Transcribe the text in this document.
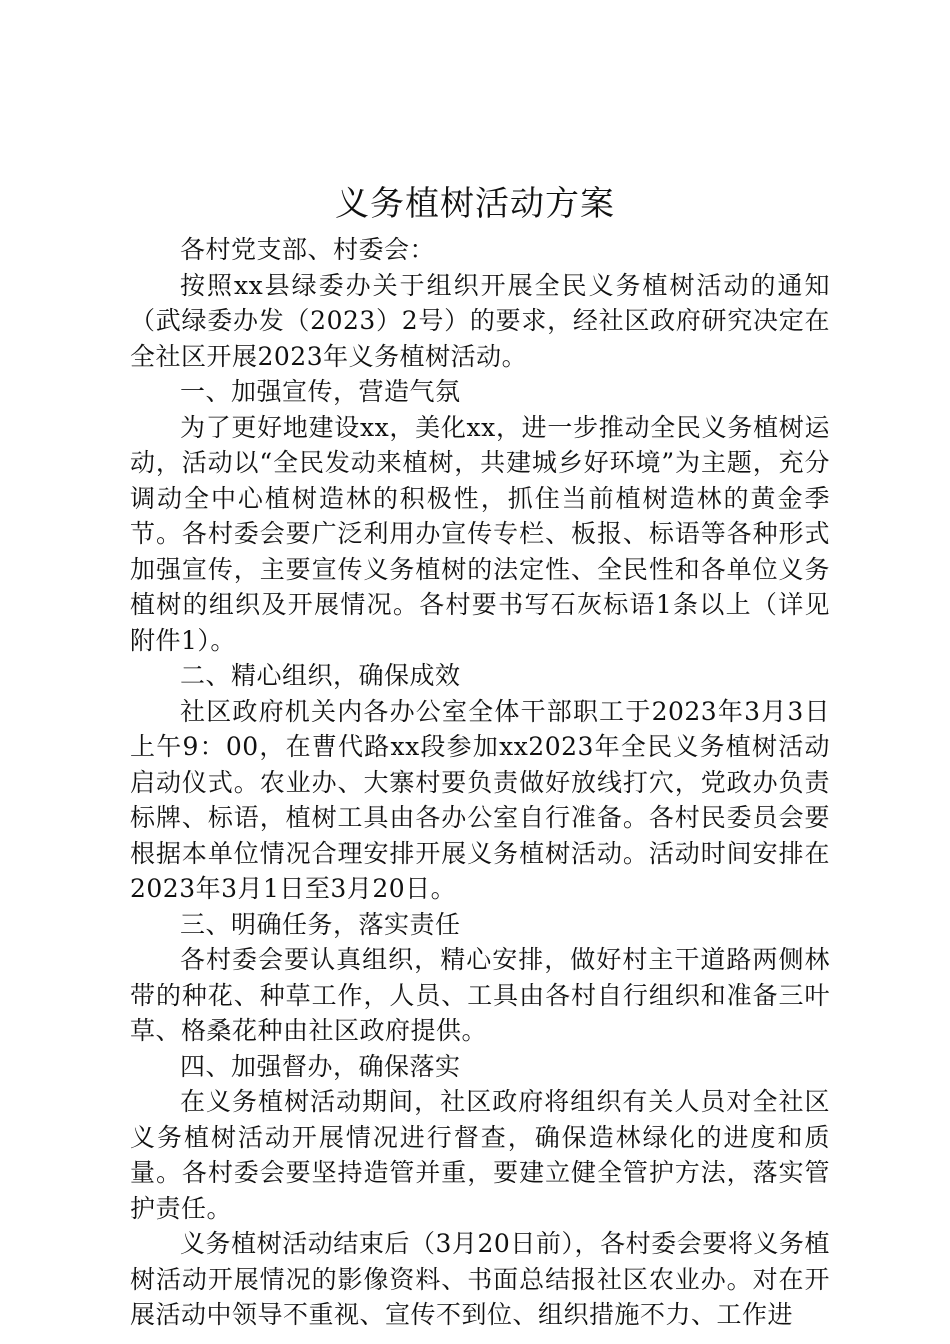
义务植树活动方案

各村党支部、村委会：

按照xx县绿委办关于组织开展全民义务植树活动的通知（武绿委办发（2023）2号）的要求，经社区政府研究决定在全社区开展2023年义务植树活动。

一、加强宣传，营造气氛

为了更好地建设xx，美化xx，进一步推动全民义务植树运动，活动以“全民发动来植树，共建城乡好环境”为主题，充分调动全中心植树造林的积极性，抓住当前植树造林的黄金季节。各村委会要广泛利用办宣传专栏、板报、标语等各种形式加强宣传，主要宣传义务植树的法定性、全民性和各单位义务植树的组织及开展情况。各村要书写石灰标语1条以上（详见附件1）。

二、精心组织，确保成效

社区政府机关内各办公室全体干部职工于2023年3月3日上午9：00，在曹代路xx段参加xx2023年全民义务植树活动启动仪式。农业办、大寨村要负责做好放线打穴，党政办负责标牌、标语，植树工具由各办公室自行准备。各村民委员会要根据本单位情况合理安排开展义务植树活动。活动时间安排在2023年3月1日至3月20日。

三、明确任务，落实责任

各村委会要认真组织，精心安排，做好村主干道路两侧林带的种花、种草工作，人员、工具由各村自行组织和准备三叶草、格桑花种由社区政府提供。

四、加强督办，确保落实

在义务植树活动期间，社区政府将组织有关人员对全社区义务植树活动开展情况进行督查，确保造林绿化的进度和质量。各村委会要坚持造管并重，要建立健全管护方法，落实管护责任。

义务植树活动结束后（3月20日前），各村委会要将义务植树活动开展情况的影像资料、书面总结报社区农业办。对在开展活动中领导不重视、宣传不到位、组织措施不力、工作进
